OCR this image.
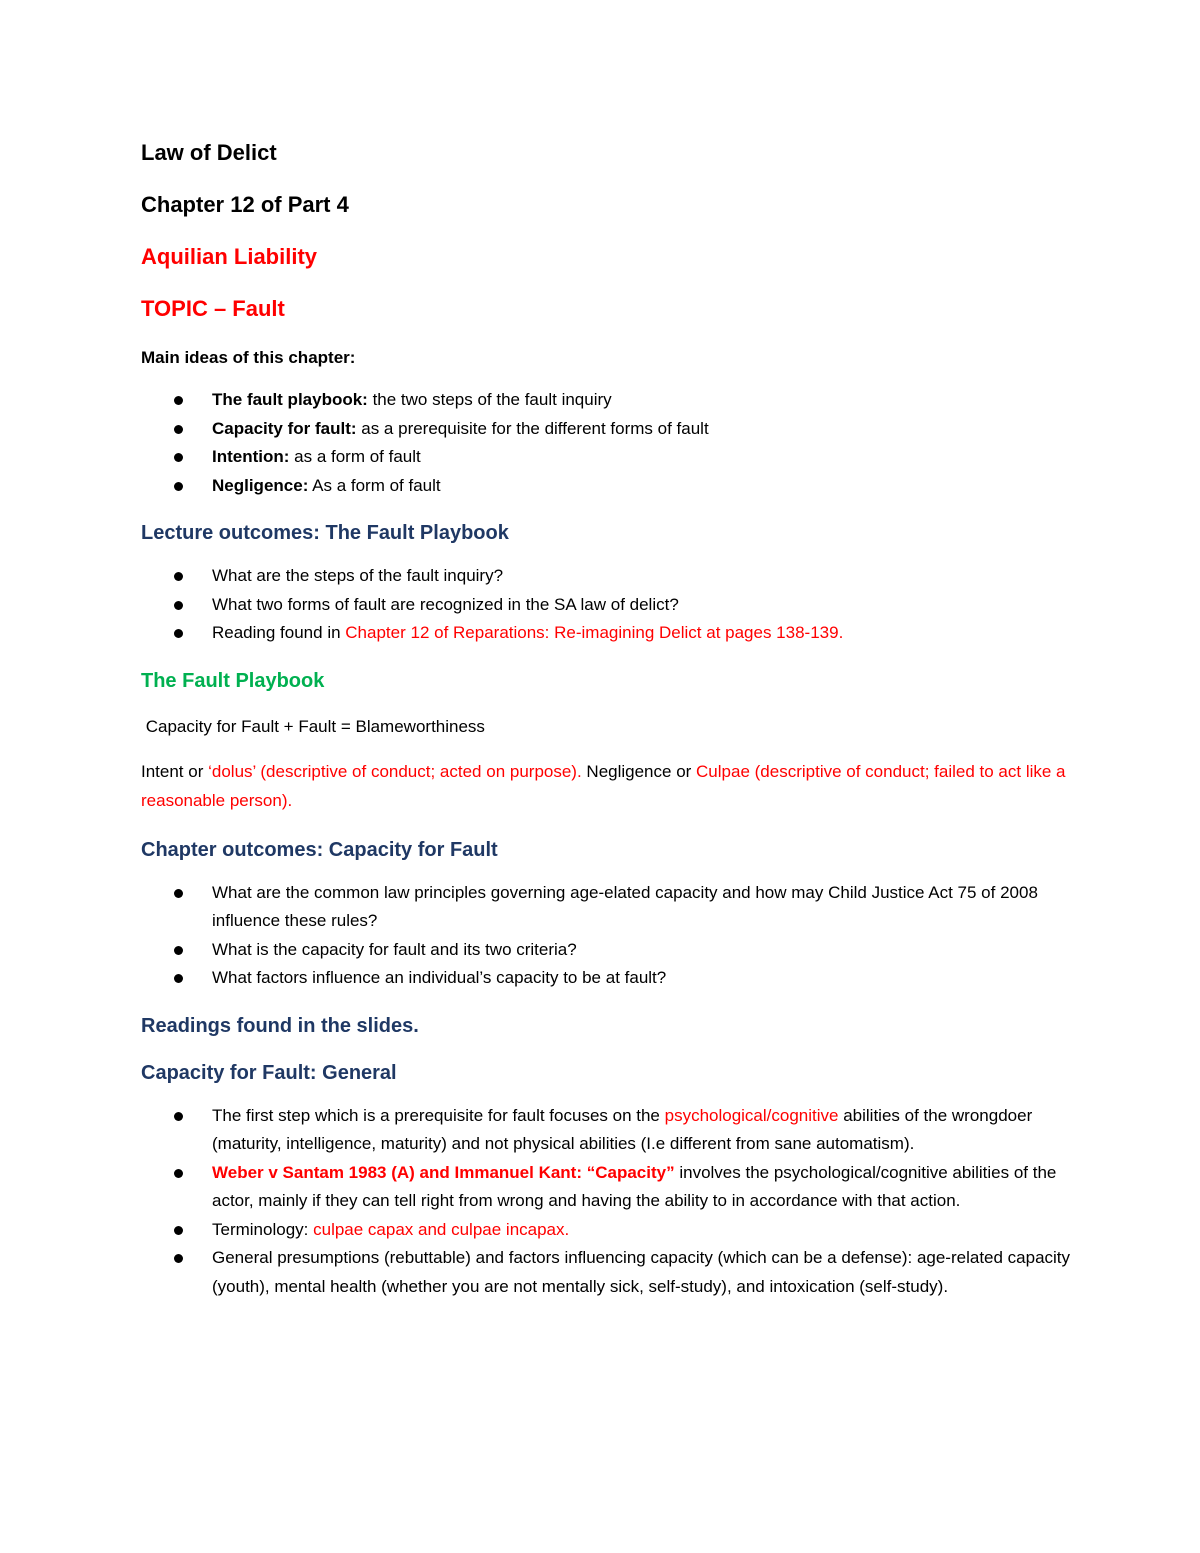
Law of Delict

Chapter 12 of Part 4

Aquilian Liability

TOPIC – Fault

Main ideas of this chapter:

The fault playbook: the two steps of the fault inquiry
Capacity for fault: as a prerequisite for the different forms of fault
Intention: as a form of fault
Negligence: As a form of fault

Lecture outcomes: The Fault Playbook

What are the steps of the fault inquiry?
What two forms of fault are recognized in the SA law of delict?
Reading found in Chapter 12 of Reparations: Re-imagining Delict at pages 138-139.

The Fault Playbook

Capacity for Fault + Fault = Blameworthiness

Intent or ‘dolus’ (descriptive of conduct; acted on purpose). Negligence or Culpae (descriptive of conduct; failed to act like a reasonable person).

Chapter outcomes: Capacity for Fault

What are the common law principles governing age-elated capacity and how may Child Justice Act 75 of 2008 influence these rules?
What is the capacity for fault and its two criteria?
What factors influence an individual’s capacity to be at fault?

Readings found in the slides.

Capacity for Fault: General

The first step which is a prerequisite for fault focuses on the psychological/cognitive abilities of the wrongdoer (maturity, intelligence, maturity) and not physical abilities (I.e different from sane automatism).
Weber v Santam 1983 (A) and Immanuel Kant: “Capacity” involves the psychological/cognitive abilities of the actor, mainly if they can tell right from wrong and having the ability to in accordance with that action.
Terminology: culpae capax and culpae incapax.
General presumptions (rebuttable) and factors influencing capacity (which can be a defense): age-related capacity (youth), mental health (whether you are not mentally sick, self-study), and intoxication (self-study).
